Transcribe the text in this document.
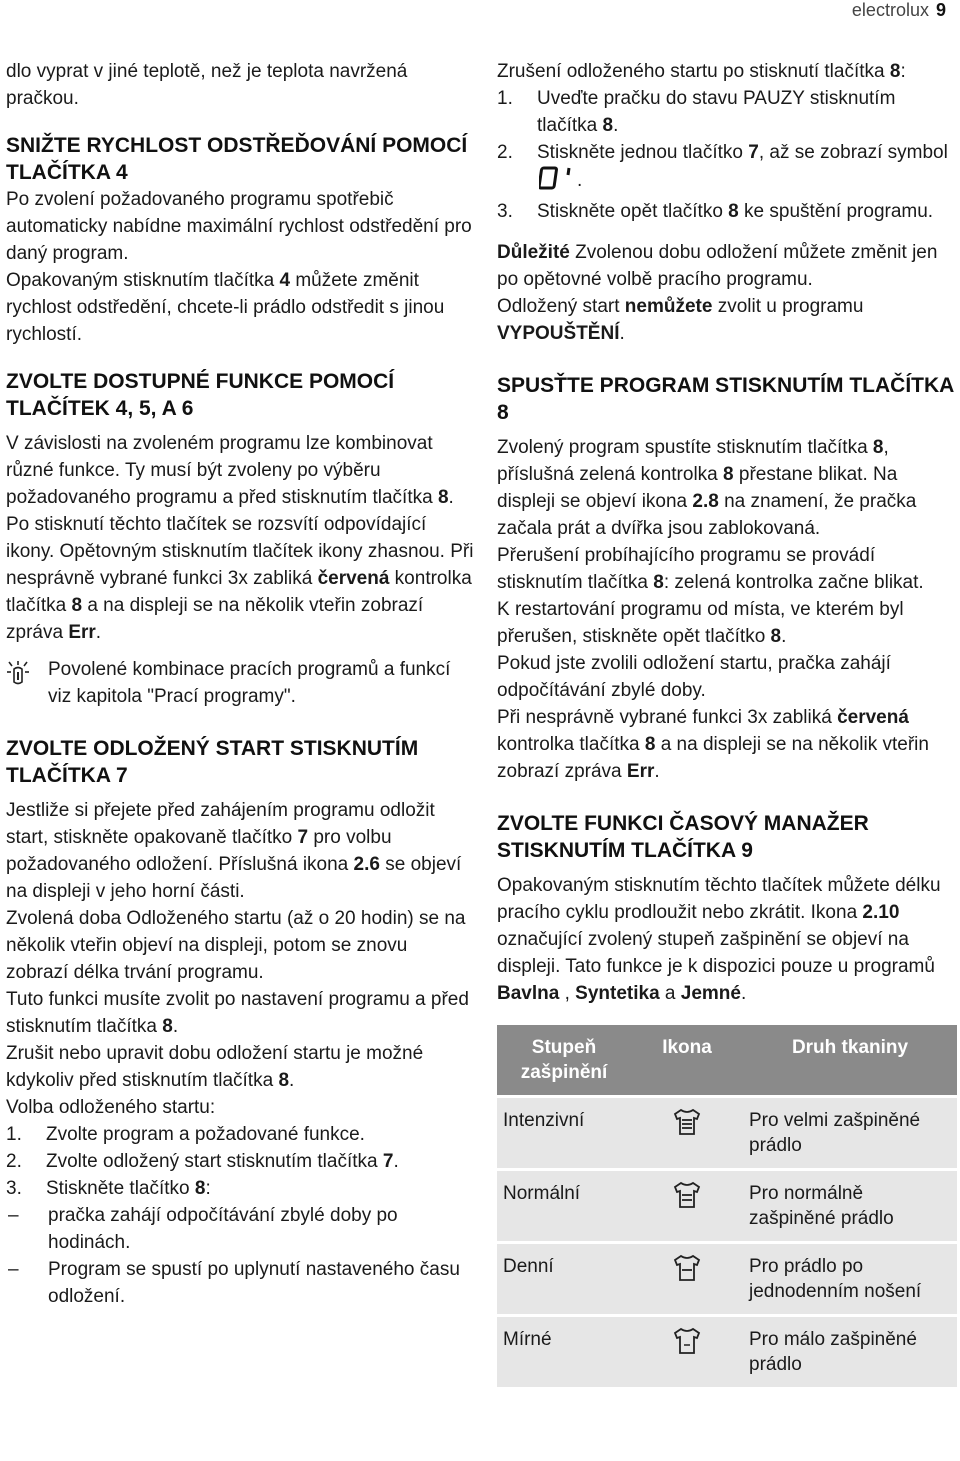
electrolux 9

dlo vyprat v jiné teplotě, než je teplota navržená pračkou.

SNIŽTE RYCHLOST ODSTŘEĎOVÁNÍ POMOCÍ TLAČÍTKA 4

Po zvolení požadovaného programu spotřebič automaticky nabídne maximální rychlost odstředění pro daný program.

Opakovaným stisknutím tlačítka 4 můžete změnit rychlost odstředění, chcete-li prádlo odstředit s jinou rychlostí.

ZVOLTE DOSTUPNÉ FUNKCE POMOCÍ TLAČÍTEK 4, 5, A 6

V závislosti na zvoleném programu lze kombinovat různé funkce. Ty musí být zvoleny po výběru požadovaného programu a před stisknutím tlačítka 8.

Po stisknutí těchto tlačítek se rozsvítí odpovídající ikony. Opětovným stisknutím tlačítek ikony zhasnou. Při nesprávně vybrané funkci 3x zabliká červená kontrolka tlačítka 8 a na displeji se na několik vteřin zobrazí zpráva Err.

Povolené kombinace pracích programů a funkcí viz kapitola "Prací programy".

ZVOLTE ODLOŽENÝ START STISKNUTÍM TLAČÍTKA 7

Jestliže si přejete před zahájením programu odložit start, stiskněte opakovaně tlačítko 7 pro volbu požadovaného odložení. Příslušná ikona 2.6 se objeví na displeji v jeho horní části.

Zvolená doba Odloženého startu (až o 20 hodin) se na několik vteřin objeví na displeji, potom se znovu zobrazí délka trvání programu.

Tuto funkci musíte zvolit po nastavení programu a před stisknutím tlačítka 8.

Zrušit nebo upravit dobu odložení startu je možné kdykoliv před stisknutím tlačítka 8.

Volba odloženého startu:

1.	Zvolte program a požadované funkce.
2.	Zvolte odložený start stisknutím tlačítka 7.
3.	Stiskněte tlačítko 8:
–	pračka zahájí odpočítávání zbylé doby po hodinách.
–	Program se spustí po uplynutí nastaveného času odložení.

Zrušení odloženého startu po stisknutí tlačítka 8:

1.	Uveďte pračku do stavu PAUZY stisknutím tlačítka 8.
2.	Stiskněte jednou tlačítko 7, až se zobrazí symbol .
3.	Stiskněte opět tlačítko 8 ke spuštění programu.

Důležité Zvolenou dobu odložení můžete změnit jen po opětovné volbě pracího programu.

Odložený start nemůžete zvolit u programu VYPOUŠTĚNÍ.

SPUSŤTE PROGRAM STISKNUTÍM TLAČÍTKA 8

Zvolený program spustíte stisknutím tlačítka 8, příslušná zelená kontrolka 8 přestane blikat. Na displeji se objeví ikona 2.8 na znamení, že pračka začala prát a dvířka jsou zablokovaná.

Přerušení probíhajícího programu se provádí stisknutím tlačítka 8: zelená kontrolka začne blikat.

K restartování programu od místa, ve kterém byl přerušen, stiskněte opět tlačítko 8.

Pokud jste zvolili odložení startu, pračka zahájí odpočítávání zbylé doby.

Při nesprávně vybrané funkci 3x zabliká červená kontrolka tlačítka 8 a na displeji se na několik vteřin zobrazí zpráva Err.

ZVOLTE FUNKCI ČASOVÝ MANAŽER STISKNUTÍM TLAČÍTKA 9

Opakovaným stisknutím těchto tlačítek můžete délku pracího cyklu prodloužit nebo zkrátit. Ikona 2.10 označující zvolený stupeň zašpinění se objeví na displeji. Tato funkce je k dispozici pouze u programů Bavlna , Syntetika a Jemné.

Stupeň zašpinění	Ikona	Druh tkaniny
Intenzivní		Pro velmi zašpiněné prádlo
Normální		Pro normálně zašpiněné prádlo
Denní		Pro prádlo po jednodenním nošení
Mírné		Pro málo zašpiněné prádlo
